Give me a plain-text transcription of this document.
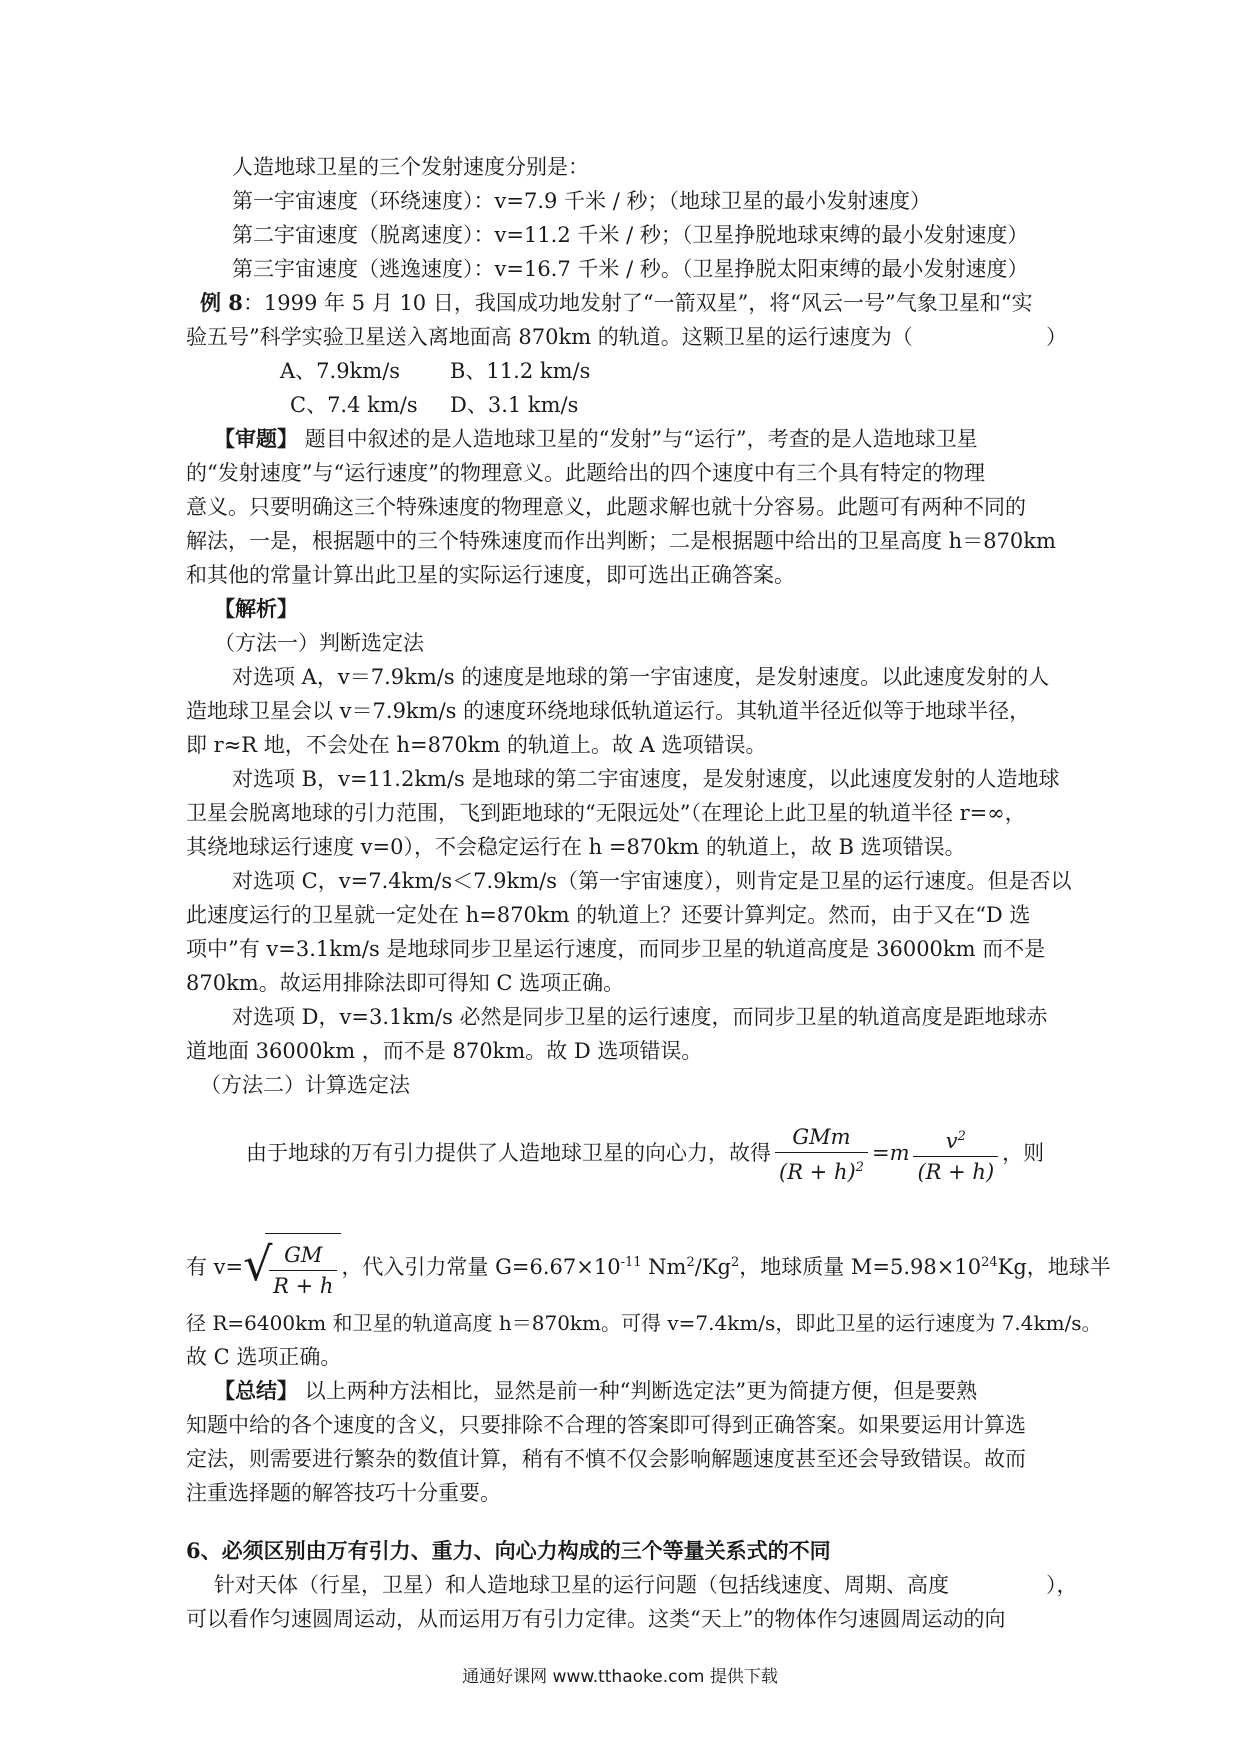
人造地球卫星的三个发射速度分别是：
第一宇宙速度（环绕速度）：v=7.9 千米 / 秒；（地球卫星的最小发射速度）
第二宇宙速度（脱离速度）：v=11.2 千米 / 秒；（卫星挣脱地球束缚的最小发射速度）
第三宇宙速度（逃逸速度）：v=16.7 千米 / 秒。（卫星挣脱太阳束缚的最小发射速度）
例 8：1999 年 5 月 10 日，我国成功地发射了“一箭双星”，将“风云一号”气象卫星和“实
验五号”科学实验卫星送入离地面高 870km 的轨道。这颗卫星的运行速度为（	）
A、7.9km/s B、11.2 km/s
C、7.4 km/s D、3.1 km/s
【审题】 题目中叙述的是人造地球卫星的“发射”与“运行”，考查的是人造地球卫星
的“发射速度”与“运行速度”的物理意义。此题给出的四个速度中有三个具有特定的物理
意义。只要明确这三个特殊速度的物理意义，此题求解也就十分容易。此题可有两种不同的
解法，一是，根据题中的三个特殊速度而作出判断；二是根据题中给出的卫星高度 h＝870km
和其他的常量计算出此卫星的实际运行速度，即可选出正确答案。
【解析】
（方法一）判断选定法
对选项 A，v＝7.9km/s 的速度是地球的第一宇宙速度，是发射速度。以此速度发射的人
造地球卫星会以 v＝7.9km/s 的速度环绕地球低轨道运行。其轨道半径近似等于地球半径，
即 r≈R 地，不会处在 h=870km 的轨道上。故 A 选项错误。
对选项 B，v=11.2km/s 是地球的第二宇宙速度，是发射速度，以此速度发射的人造地球
卫星会脱离地球的引力范围，飞到距地球的“无限远处”（在理论上此卫星的轨道半径 r=∞，
其绕地球运行速度 v=0），不会稳定运行在 h =870km 的轨道上，故 B 选项错误。
对选项 C，v=7.4km/s＜7.9km/s（第一宇宙速度），则肯定是卫星的运行速度。但是否以
此速度运行的卫星就一定处在 h=870km 的轨道上？还要计算判定。然而，由于又在“D 选
项中”有 v=3.1km/s 是地球同步卫星运行速度，而同步卫星的轨道高度是 36000km 而不是
870km。故运用排除法即可得知 C 选项正确。
对选项 D，v=3.1km/s 必然是同步卫星的运行速度，而同步卫星的轨道高度是距地球赤
道地面 36000km ，而不是 870km。故 D 选项错误。
（方法二）计算选定法
由于地球的万有引力提供了人造地球卫星的向心力，故得 $\frac{\text{GMm}}{(R + h)^2} =m \frac{v^2}{(R + h)}$ ，则
有 v= √
$\frac{GM}{R + h}$ ，代入引力常量 $G=6.67\times 10^{-11}$ Nm$^2$/Kg$^2$，地球质量 $M=5.98\times 10^{24}Kg$，地球半
径 R=6400km 和卫星的轨道高度 h＝870km。可得 v=7.4km/s，即此卫星的运行速度为 7.4km/s。
故 C 选项正确。
【总结】 以上两种方法相比，显然是前一种“判断选定法”更为简捷方便，但是要熟
知题中给的各个速度的含义，只要排除不合理的答案即可得到正确答案。如果要运用计算选
定法，则需要进行繁杂的数值计算，稍有不慎不仅会影响解题速度甚至还会导致错误。故而
注重选择题的解答技巧十分重要。
6、必须区别由万有引力、重力、向心力构成的三个等量关系式的不同
针对天体（行星，卫星）和人造地球卫星的运行问题（包括线速度、周期、高度	），
可以看作匀速圆周运动，从而运用万有引力定律。这类“天上”的物体作匀速圆周运动的向
通通好课网 www.tthaoke.com 提供下载
